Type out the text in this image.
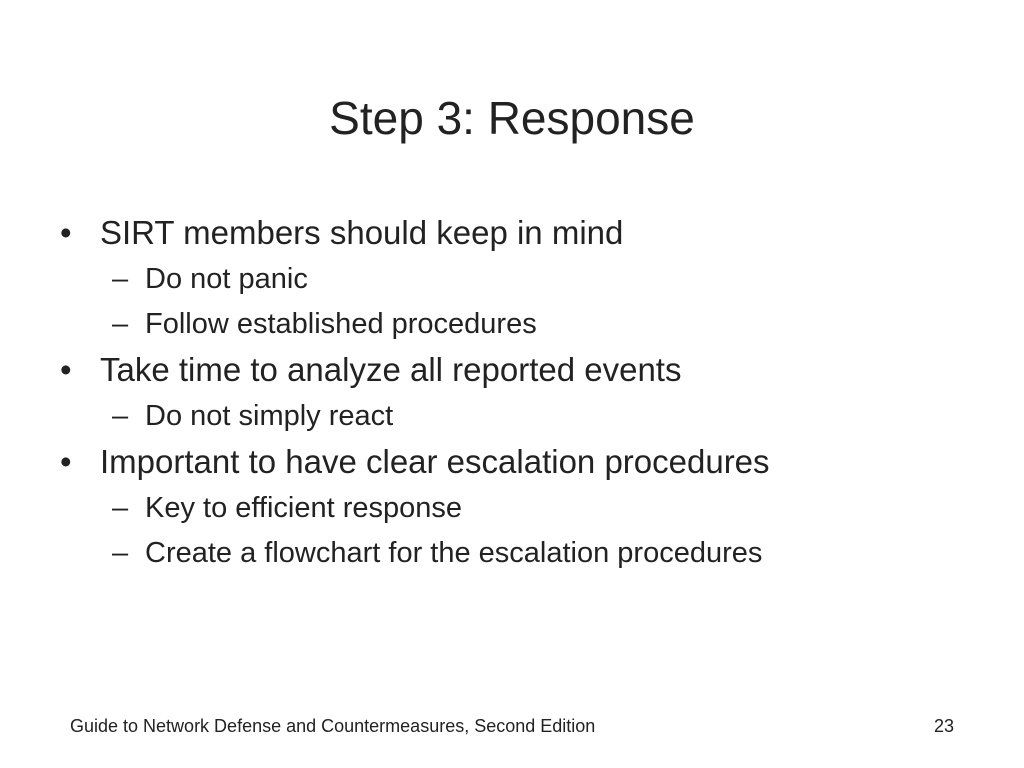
Step 3: Response
• SIRT members should keep in mind
– Do not panic
– Follow established procedures
• Take time to analyze all reported events
– Do not simply react
• Important to have clear escalation procedures
– Key to efficient response
– Create a flowchart for the escalation procedures
Guide to Network Defense and Countermeasures, Second Edition	23
